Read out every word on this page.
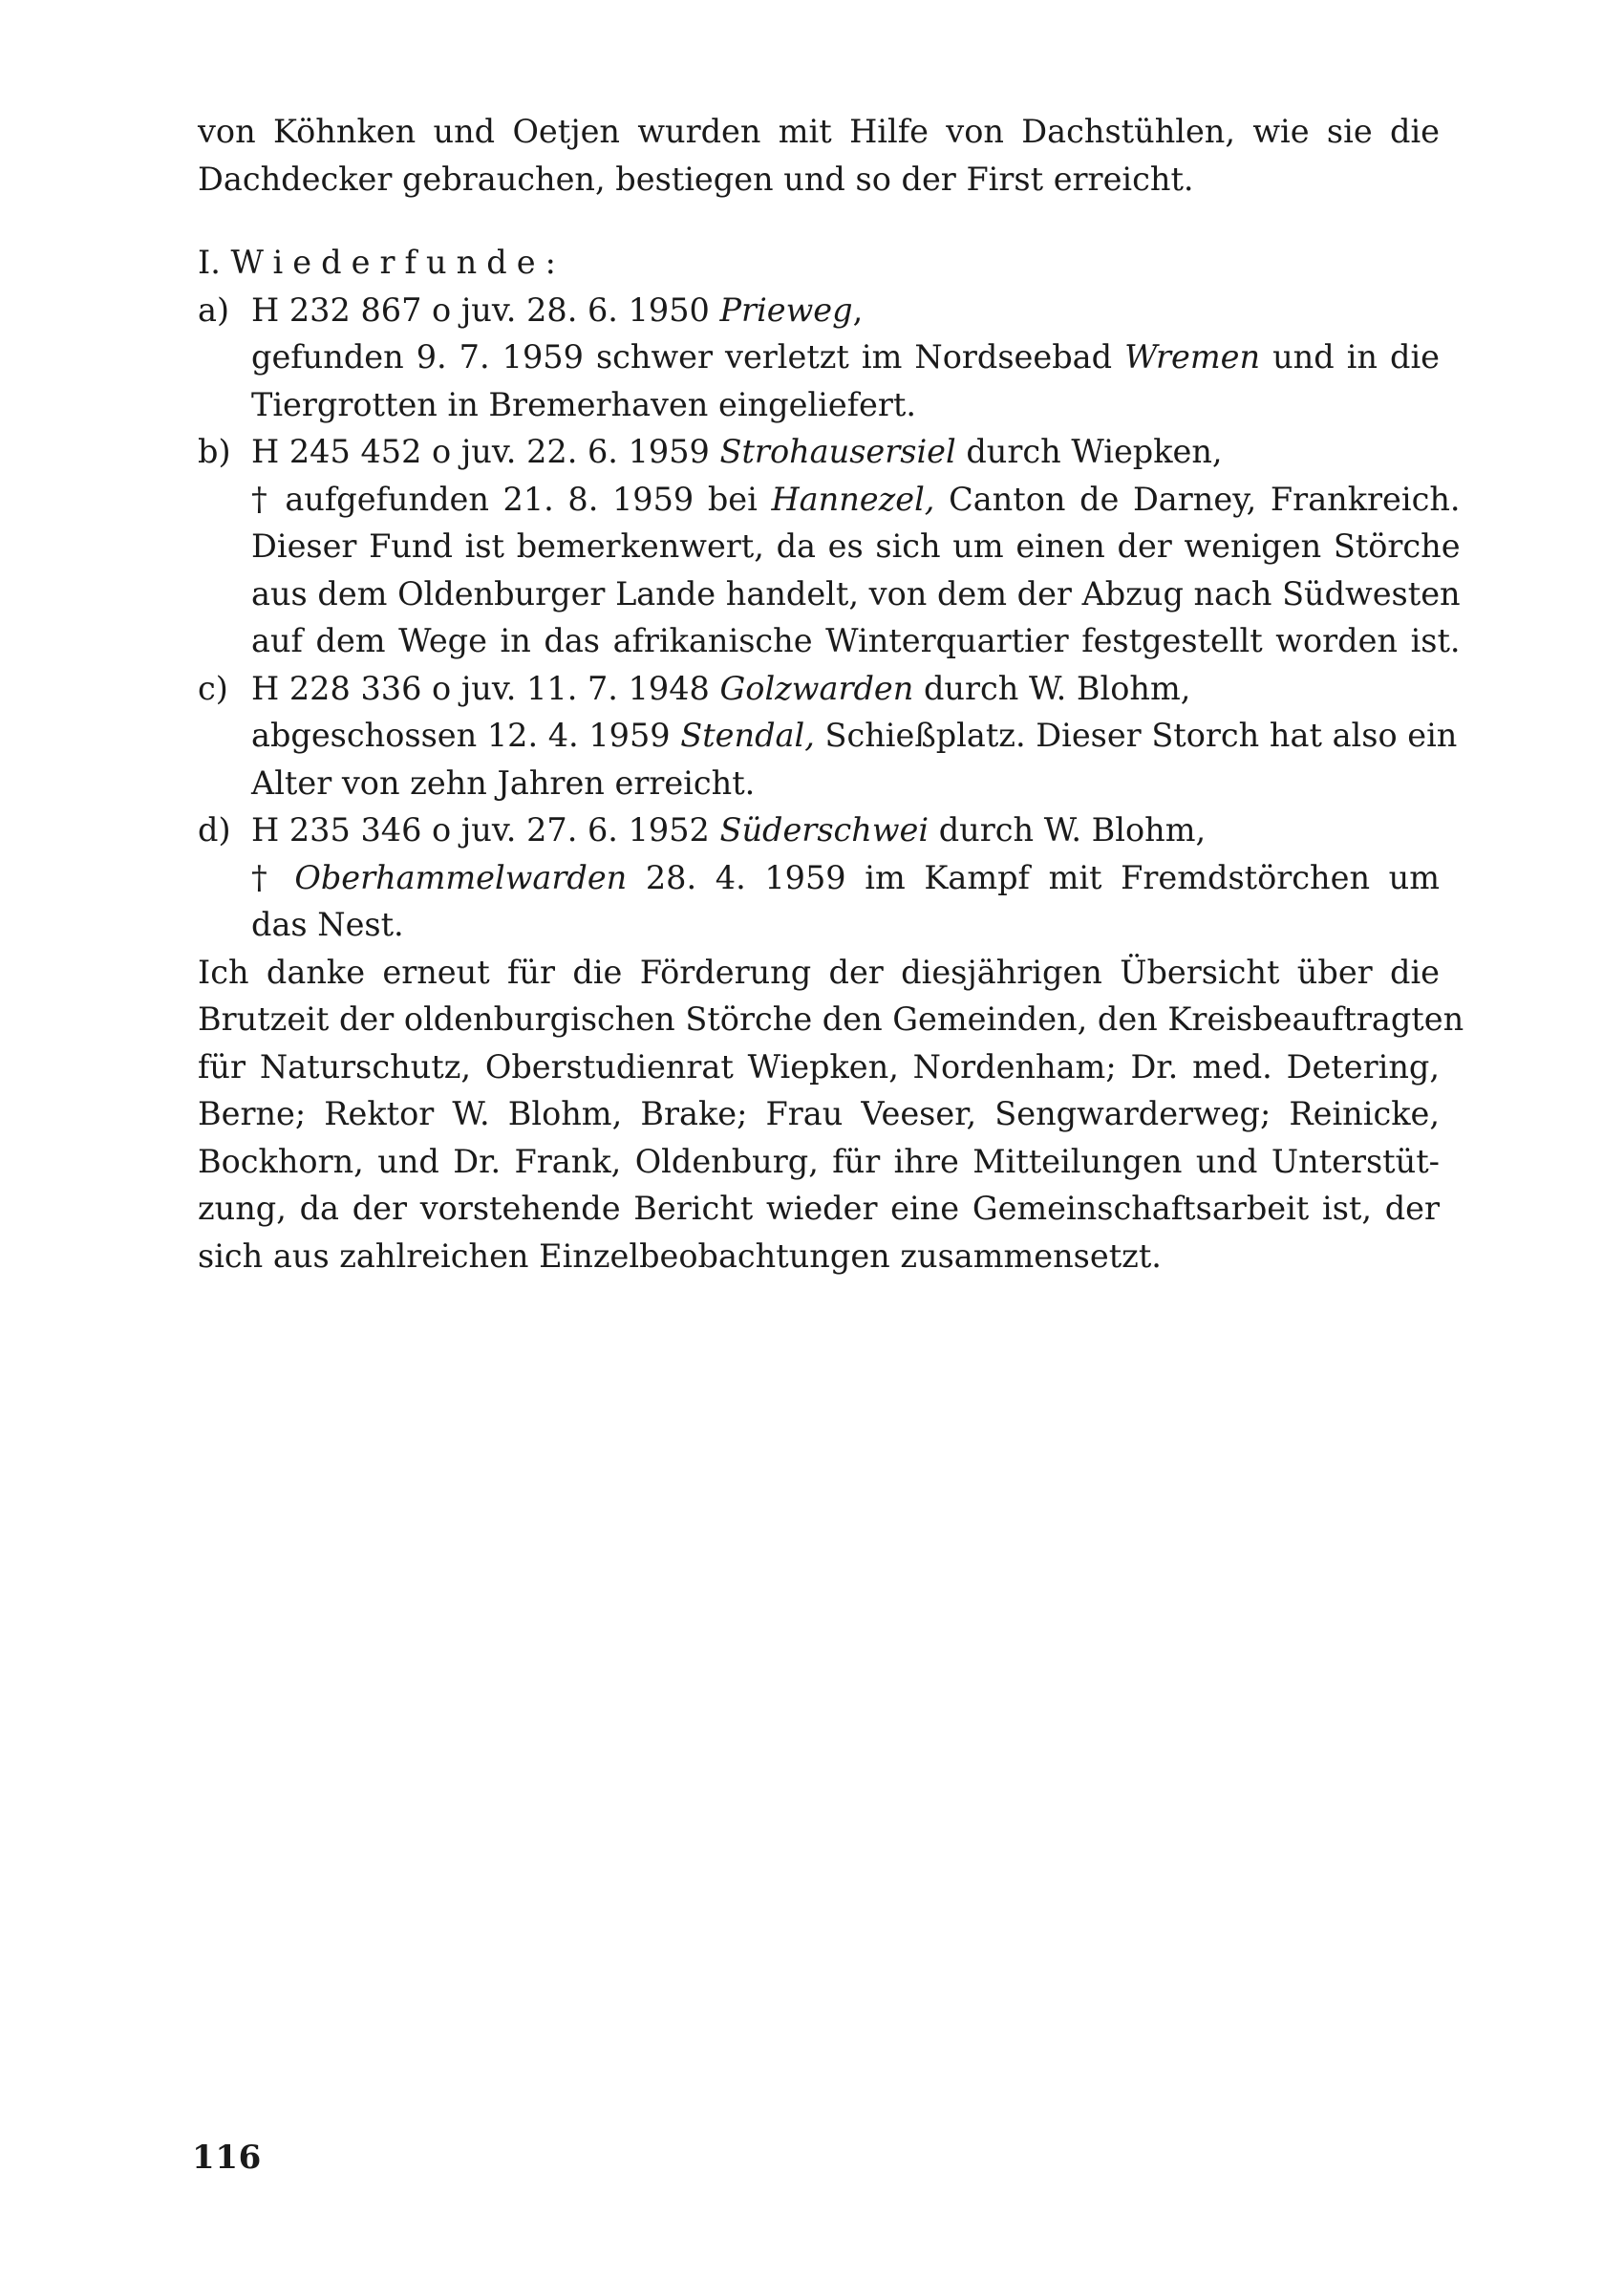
von Köhnken und Oetjen wurden mit Hilfe von Dachstühlen, wie sie die
Dachdecker gebrauchen, bestiegen und so der First erreicht.
I. Wiederfunde:
a) H 232 867 o juv. 28. 6. 1950 Prieweg,
gefunden 9. 7. 1959 schwer verletzt im Nordseebad Wremen und in die
Tiergrotten in Bremerhaven eingeliefert.
b) H 245 452 o juv. 22. 6. 1959 Strohausersiel durch Wiepken,
† aufgefunden 21. 8. 1959 bei Hannezel, Canton de Darney, Frankreich.
Dieser Fund ist bemerkenwert, da es sich um einen der wenigen Störche
aus dem Oldenburger Lande handelt, von dem der Abzug nach Südwesten
auf dem Wege in das afrikanische Winterquartier festgestellt worden ist.
c) H 228 336 o juv. 11. 7. 1948 Golzwarden durch W. Blohm,
abgeschossen 12. 4. 1959 Stendal, Schießplatz. Dieser Storch hat also ein
Alter von zehn Jahren erreicht.
d) H 235 346 o juv. 27. 6. 1952 Süderschwei durch W. Blohm,
† Oberhammelwarden 28. 4. 1959 im Kampf mit Fremdstörchen um
das Nest.
Ich danke erneut für die Förderung der diesjährigen Übersicht über die
Brutzeit der oldenburgischen Störche den Gemeinden, den Kreisbeauftragten
für Naturschutz, Oberstudienrat Wiepken, Nordenham; Dr. med. Detering,
Berne; Rektor W. Blohm, Brake; Frau Veeser, Sengwarderweg; Reinicke,
Bockhorn, und Dr. Frank, Oldenburg, für ihre Mitteilungen und Unterstüt-
zung, da der vorstehende Bericht wieder eine Gemeinschaftsarbeit ist, der
sich aus zahlreichen Einzelbeobachtungen zusammensetzt.
116
